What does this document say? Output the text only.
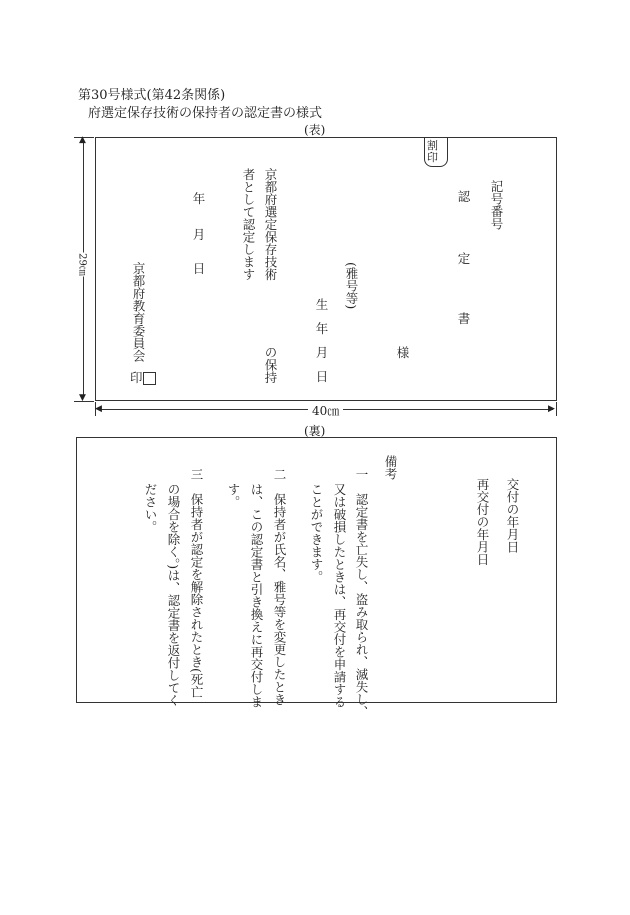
第30号様式(第42条関係)
府選定保存技術の保持者の認定書の様式
(表)
割印
記号番号
認
定
書
様
(雅号等)
生
年
月
日
京都府選定保存技術
の保持
者として認定します
年
月
日
京都府教育委員会
印
▲
▼
29㎝
◀	▶
40㎝
(裏)
交付の年月日
再交付の年月日
備考
一　認定書を亡失し、盗み取られ、滅失し、
又は破損したときは、再交付を申請する
ことができます。
二　保持者が氏名、雅号等を変更したとき
は、この認定書と引き換えに再交付しま
す。
三　保持者が認定を解除されたとき(死亡
の場合を除く。)は、認定書を返付してく
ださい。
